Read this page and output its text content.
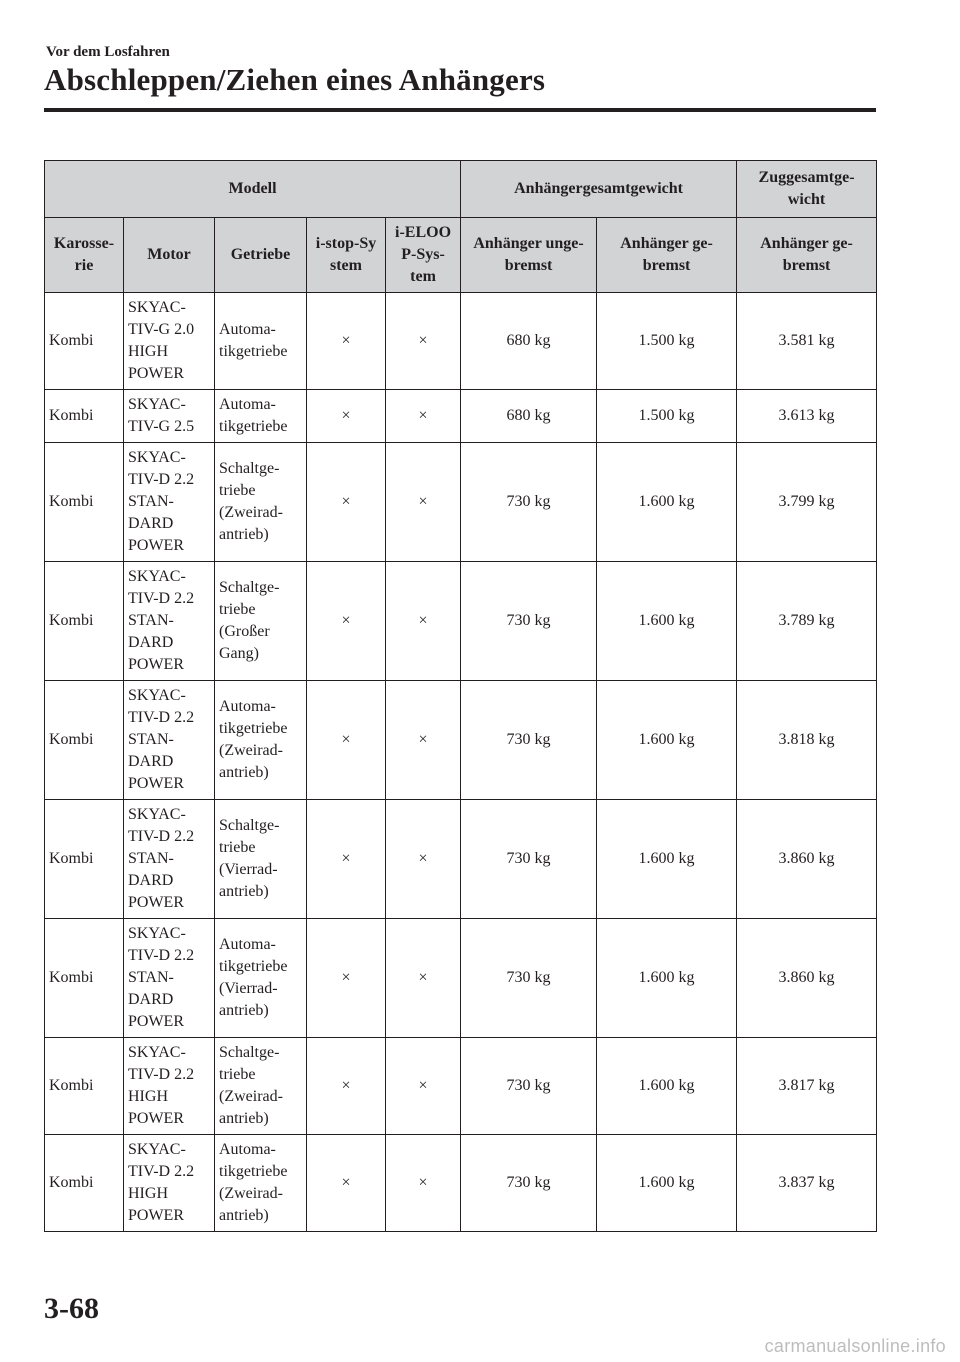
Vor dem Losfahren
Abschleppen/Ziehen eines Anhängers
Modell					Anhängergesamtgewicht		Zuggesamtge-
wicht
Karosse-
rie	Motor	Getriebe	i-stop-Sy
stem	i-ELOO
P-Sys-
tem	Anhänger unge-
bremst	Anhänger ge-
bremst	Anhänger ge-
bremst
Kombi	SKYAC-
TIV-G 2.0
HIGH
POWER	Automa-
tikgetriebe	×	×	680 kg	1.500 kg	3.581 kg
Kombi	SKYAC-
TIV-G 2.5	Automa-
tikgetriebe	×	×	680 kg	1.500 kg	3.613 kg
Kombi	SKYAC-
TIV-D 2.2
STAN-
DARD
POWER	Schaltge-
triebe
(Zweirad-
antrieb)	×	×	730 kg	1.600 kg	3.799 kg
Kombi	SKYAC-
TIV-D 2.2
STAN-
DARD
POWER	Schaltge-
triebe
(Großer
Gang)	×	×	730 kg	1.600 kg	3.789 kg
Kombi	SKYAC-
TIV-D 2.2
STAN-
DARD
POWER	Automa-
tikgetriebe
(Zweirad-
antrieb)	×	×	730 kg	1.600 kg	3.818 kg
Kombi	SKYAC-
TIV-D 2.2
STAN-
DARD
POWER	Schaltge-
triebe
(Vierrad-
antrieb)	×	×	730 kg	1.600 kg	3.860 kg
Kombi	SKYAC-
TIV-D 2.2
STAN-
DARD
POWER	Automa-
tikgetriebe
(Vierrad-
antrieb)	×	×	730 kg	1.600 kg	3.860 kg
Kombi	SKYAC-
TIV-D 2.2
HIGH
POWER	Schaltge-
triebe
(Zweirad-
antrieb)	×	×	730 kg	1.600 kg	3.817 kg
Kombi	SKYAC-
TIV-D 2.2
HIGH
POWER	Automa-
tikgetriebe
(Zweirad-
antrieb)	×	×	730 kg	1.600 kg	3.837 kg
3-68
carmanualsonline.info
